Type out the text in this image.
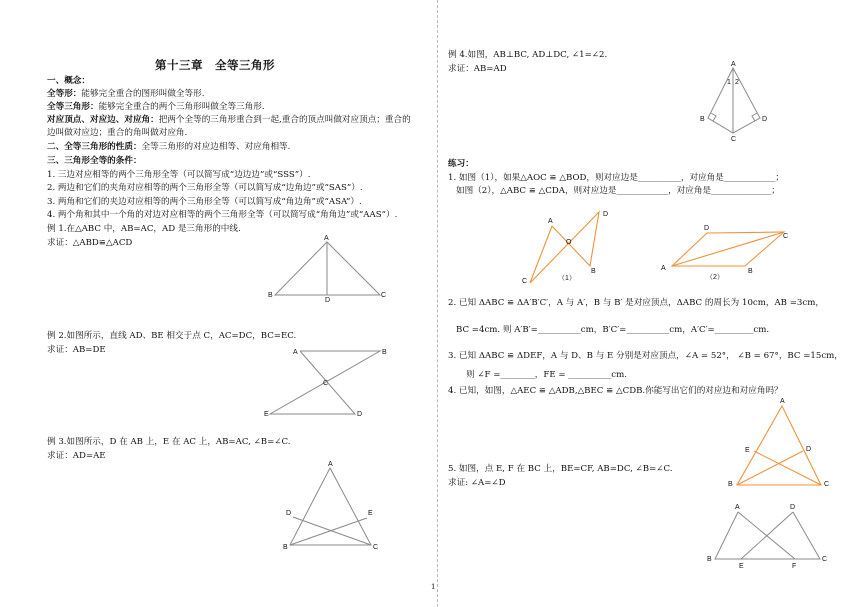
第十三章　全等三角形
一、概念：
全等形：能够完全重合的图形叫做全等形.
全等三角形：能够完全重合的两个三角形叫做全等三角形.
对应顶点、对应边、对应角：把两个全等的三角形重合到一起,重合的顶点叫做对应顶点；重合的
边叫做对应边；重合的角叫做对应角.
二、全等三角形的性质：全等三角形的对应边相等、对应角相等.
三、三角形全等的条件：
1. 三边对应相等的两个三角形全等（可以简写成“边边边”或“SSS”）.
2. 两边和它们的夹角对应相等的两个三角形全等（可以简写成“边角边”或“SAS”）.
3. 两角和它们的夹边对应相等的两个三角形全等（可以简写成“角边角”或“ASA”）.
4. 两个角和其中一个角的对边对应相等的两个三角形全等（可以简写成“角角边”或“AAS”）.
例 1.在△ABC 中，AB=AC，AD 是三角形的中线.
求证：△ABD≌△ACD	A
B
D
C
例 2.如图所示，直线 AD、BE 相交于点 C，AC=DC，BC=EC.
求证：AB=DE	A	B
C
E	D
例 3.如图所示，D 在 AB 上，E 在 AC 上，AB=AC, ∠B=∠C.
求证：AD=AE
A
D	E
B	C
例 4.如图，AB⊥BC, AD⊥DC, ∠1=∠2.
求证：AB=AD	A
1 2
B	D
C
练习：
1. 如图（1），如果△AOC ≌ △BOD，则对应边是__________，对应角是____________；
如图（2），△ABC ≌ △CDA，则对应边是____________，对应角是______________；
A
O
C
B
D
（1）
D
C
A	B
（2）
2. 已知 ΔABC ≌ ΔA′B′C′，A 与 A′，B 与 B′ 是对应顶点，ΔABC 的周长为 10cm，AB =3cm，
BC =4cm. 则 A′B′=__________cm，B′C′=__________cm，A′C′=_________cm.
3. 已知 ΔABC ≌ ΔDEF，A 与 D、B 与 E 分别是对应顶点，∠A = 52°， ∠B = 67°，BC =15cm，
则 ∠F =________，FE = __________cm.
4. 已知，如图，△AEC ≌ △ADB,△BEC ≌ △CDB.你能写出它们的对应边和对应角吗？
A
E	D
B	C
5. 如图，点 E, F 在 BC 上，BE=CF, AB=DC, ∠B=∠C.
求证: ∠A=∠D
A	D
B
E	F
C
1
